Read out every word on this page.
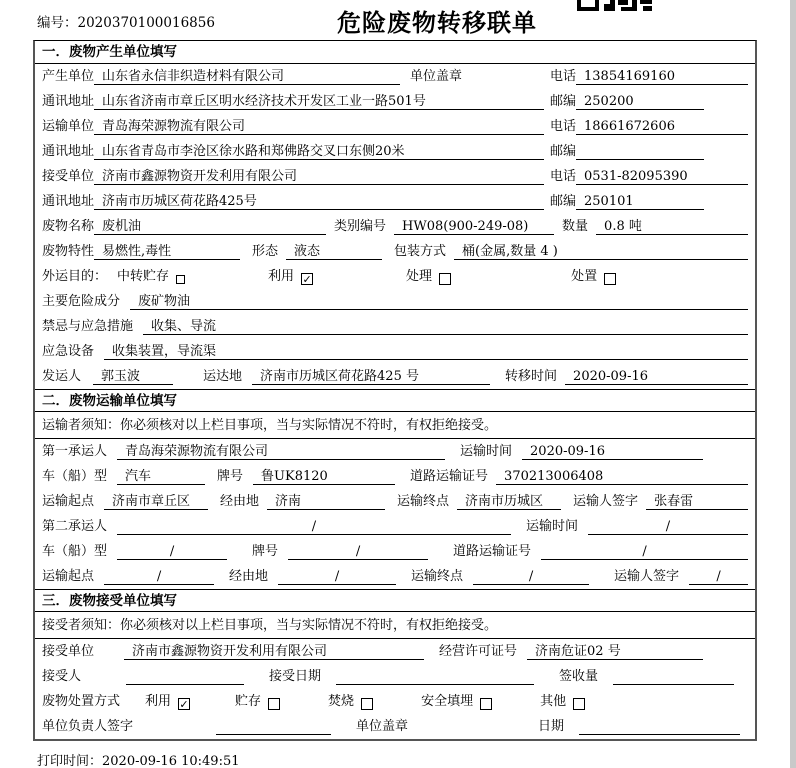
编号：2020370100016856	危险废物转移联单
一．废物产生单位填写
产生单位 山东省永信非织造材料有限公司	单位盖章	电话 13854169160
通讯地址 山东省济南市章丘区明水经济技术开发区工业一路501号	邮编 250200
运输单位 青岛海荣源物流有限公司	电话 18661672606
通讯地址 山东省青岛市李沧区徐水路和郑佛路交叉口东侧20米	邮编
接受单位 济南市鑫源物资开发利用有限公司	电话 0531-82095390
通讯地址 济南市历城区荷花路425号	邮编 250101
废物名称 废机油	类别编号	HW08(900-249-08)	数量	0.8 吨
废物特性 易燃性,毒性	形态	液态	包装方式	桶(金属,数量 4 )
外运目的： 中转贮存	利用 ✓	处理	处置
主要危险成分	废矿物油
禁忌与应急措施	收集、导流
应急设备	收集装置，导流渠
发运人	郭玉波	运达地	济南市历城区荷花路425 号	转移时间	2020-09-16
二．废物运输单位填写
运输者须知：你必须核对以上栏目事项，当与实际情况不符时，有权拒绝接受。
第一承运人	青岛海荣源物流有限公司	运输时间	2020-09-16
车（船）型	汽车	牌号	鲁UK8120	道路运输证号	370213006408
运输起点	济南市章丘区	经由地	济南	运输终点	济南市历城区	运输人签字	张春雷
第二承运人	/	运输时间	/
车（船）型	/	牌号	/	道路运输证号	/
运输起点	/	经由地	/	运输终点	/	运输人签字	/
三．废物接受单位填写
接受者须知：你必须核对以上栏目事项，当与实际情况不符时，有权拒绝接受。
接受单位	济南市鑫源物资开发利用有限公司	经营许可证号	济南危证02 号
接受人	接受日期	签收量
废物处置方式 利用 ✓	贮存	焚烧	安全填埋	其他
单位负责人签字	单位盖章	日期
打印时间：2020-09-16 10:49:51
